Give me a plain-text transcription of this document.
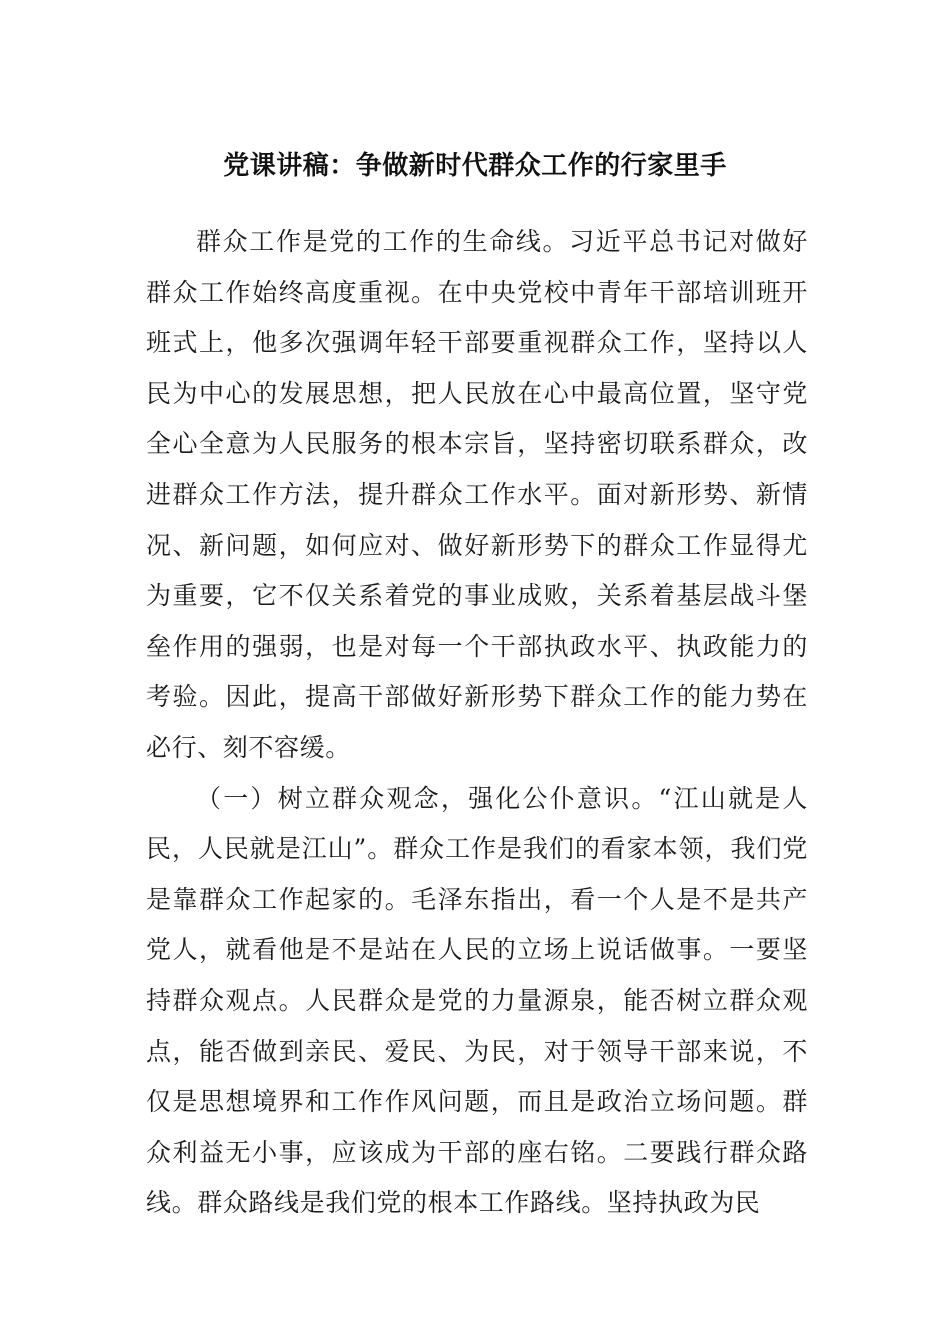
党课讲稿：争做新时代群众工作的行家里手

群众工作是党的工作的生命线。习近平总书记对做好群众工作始终高度重视。在中央党校中青年干部培训班开班式上，他多次强调年轻干部要重视群众工作，坚持以人民为中心的发展思想，把人民放在心中最高位置，坚守党全心全意为人民服务的根本宗旨，坚持密切联系群众，改进群众工作方法，提升群众工作水平。面对新形势、新情况、新问题，如何应对、做好新形势下的群众工作显得尤为重要，它不仅关系着党的事业成败，关系着基层战斗堡垒作用的强弱，也是对每一个干部执政水平、执政能力的考验。因此，提高干部做好新形势下群众工作的能力势在必行、刻不容缓。

（一）树立群众观念，强化公仆意识。“江山就是人民，人民就是江山”。群众工作是我们的看家本领，我们党是靠群众工作起家的。毛泽东指出，看一个人是不是共产党人，就看他是不是站在人民的立场上说话做事。一要坚持群众观点。人民群众是党的力量源泉，能否树立群众观点，能否做到亲民、爱民、为民，对于领导干部来说，不仅是思想境界和工作作风问题，而且是政治立场问题。群众利益无小事，应该成为干部的座右铭。二要践行群众路线。群众路线是我们党的根本工作路线。坚持执政为民
